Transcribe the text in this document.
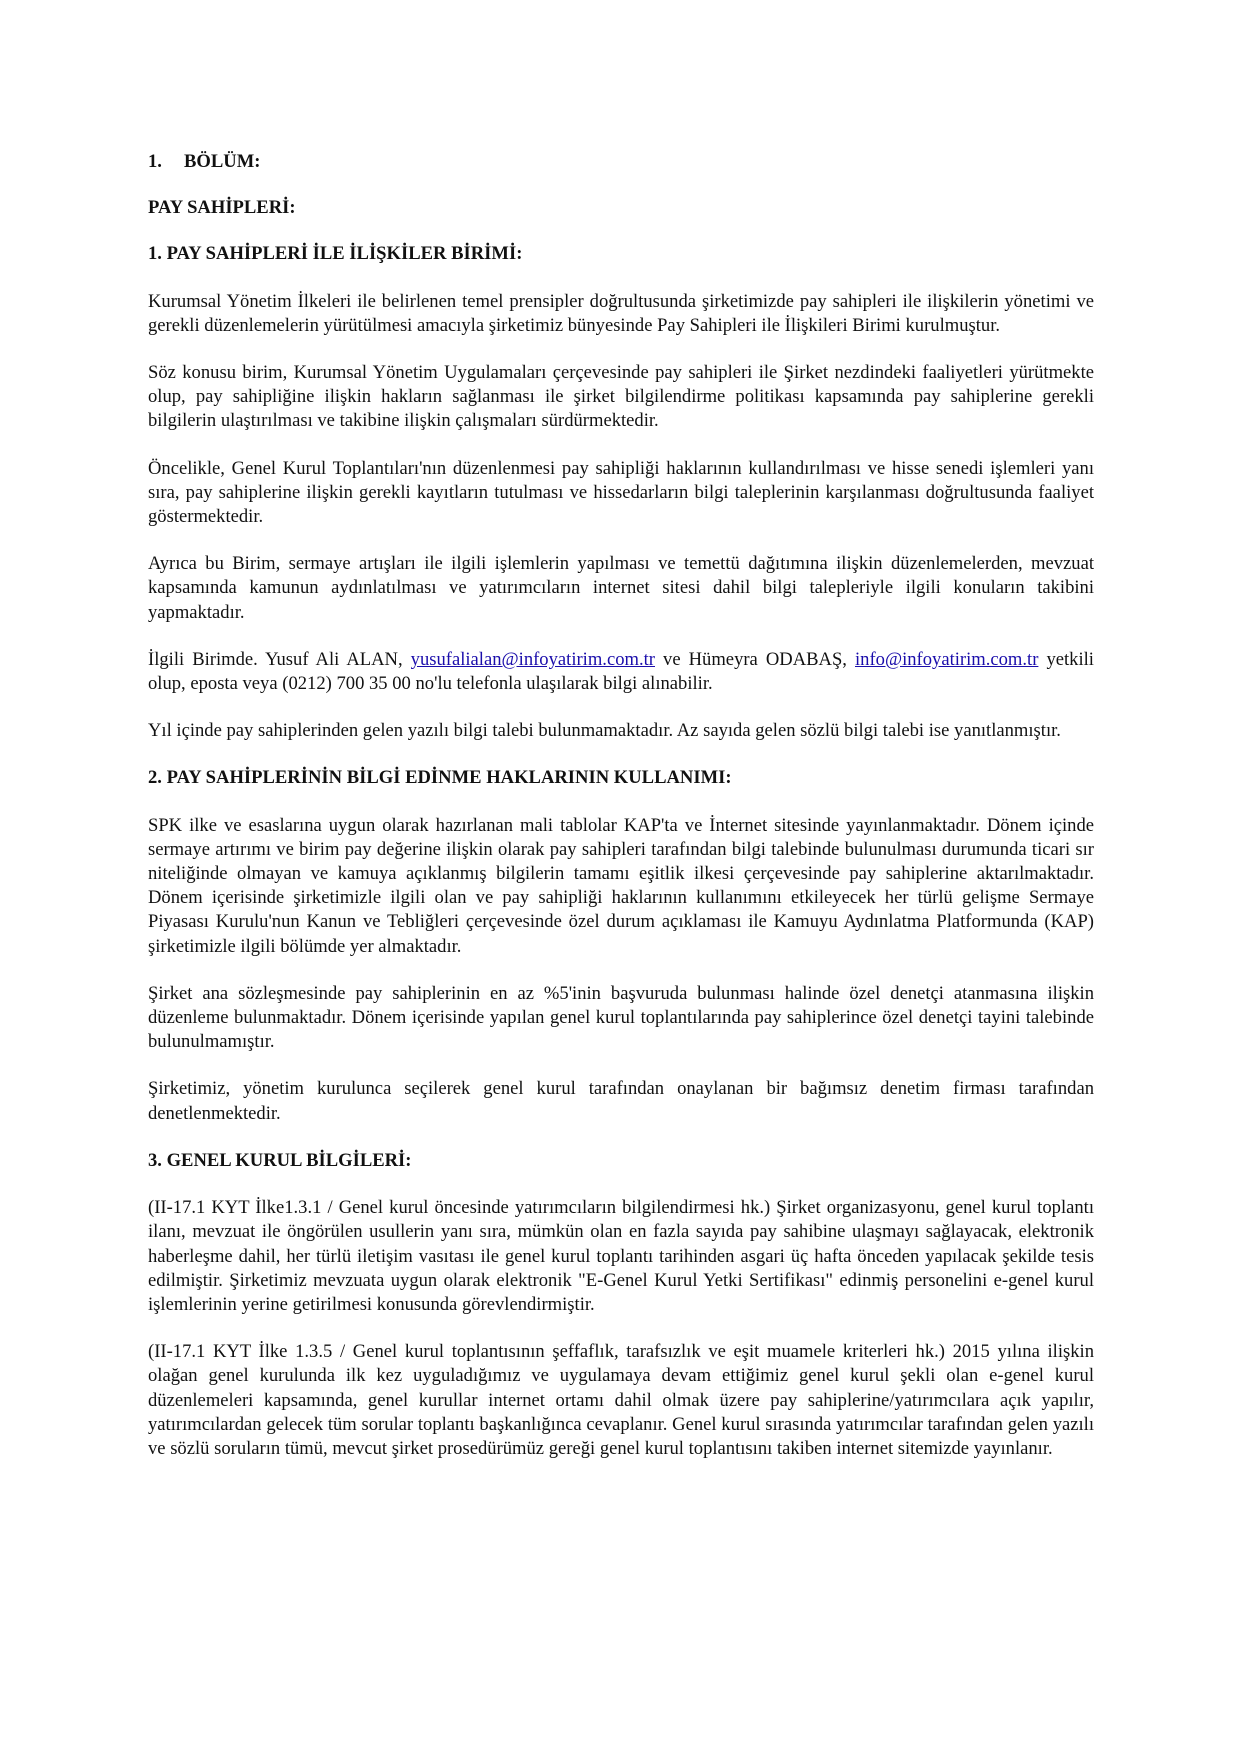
1. BÖLÜM:

PAY SAHİPLERİ:

1. PAY SAHİPLERİ İLE İLİŞKİLER BİRİMİ:

Kurumsal Yönetim İlkeleri ile belirlenen temel prensipler doğrultusunda şirketimizde pay sahipleri ile ilişkilerin yönetimi ve gerekli düzenlemelerin yürütülmesi amacıyla şirketimiz bünyesinde Pay Sahipleri ile İlişkileri Birimi kurulmuştur.

Söz konusu birim, Kurumsal Yönetim Uygulamaları çerçevesinde pay sahipleri ile Şirket nezdindeki faaliyetleri yürütmekte olup, pay sahipliğine ilişkin hakların sağlanması ile şirket bilgilendirme politikası kapsamında pay sahiplerine gerekli bilgilerin ulaştırılması ve takibine ilişkin çalışmaları sürdürmektedir.

Öncelikle, Genel Kurul Toplantıları'nın düzenlenmesi pay sahipliği haklarının kullandırılması ve hisse senedi işlemleri yanı sıra, pay sahiplerine ilişkin gerekli kayıtların tutulması ve hissedarların bilgi taleplerinin karşılanması doğrultusunda faaliyet göstermektedir.

Ayrıca bu Birim, sermaye artışları ile ilgili işlemlerin yapılması ve temettü dağıtımına ilişkin düzenlemelerden, mevzuat kapsamında kamunun aydınlatılması ve yatırımcıların internet sitesi dahil bilgi talepleriyle ilgili konuların takibini yapmaktadır.

İlgili Birimde. Yusuf Ali ALAN, yusufalialan@infoyatirim.com.tr ve Hümeyra ODABAŞ, info@infoyatirim.com.tr yetkili olup, eposta veya (0212) 700 35 00 no'lu telefonla ulaşılarak bilgi alınabilir.

Yıl içinde pay sahiplerinden gelen yazılı bilgi talebi bulunmamaktadır. Az sayıda gelen sözlü bilgi talebi ise yanıtlanmıştır.

2. PAY SAHİPLERİNİN BİLGİ EDİNME HAKLARININ KULLANIMI:

SPK ilke ve esaslarına uygun olarak hazırlanan mali tablolar KAP'ta ve İnternet sitesinde yayınlanmaktadır. Dönem içinde sermaye artırımı ve birim pay değerine ilişkin olarak pay sahipleri tarafından bilgi talebinde bulunulması durumunda ticari sır niteliğinde olmayan ve kamuya açıklanmış bilgilerin tamamı eşitlik ilkesi çerçevesinde pay sahiplerine aktarılmaktadır. Dönem içerisinde şirketimizle ilgili olan ve pay sahipliği haklarının kullanımını etkileyecek her türlü gelişme Sermaye Piyasası Kurulu'nun Kanun ve Tebliğleri çerçevesinde özel durum açıklaması ile Kamuyu Aydınlatma Platformunda (KAP) şirketimizle ilgili bölümde yer almaktadır.

Şirket ana sözleşmesinde pay sahiplerinin en az %5'inin başvuruda bulunması halinde özel denetçi atanmasına ilişkin düzenleme bulunmaktadır. Dönem içerisinde yapılan genel kurul toplantılarında pay sahiplerince özel denetçi tayini talebinde bulunulmamıştır.

Şirketimiz, yönetim kurulunca seçilerek genel kurul tarafından onaylanan bir bağımsız denetim firması tarafından denetlenmektedir.

3. GENEL KURUL BİLGİLERİ:

(II-17.1 KYT İlke1.3.1 / Genel kurul öncesinde yatırımcıların bilgilendirmesi hk.) Şirket organizasyonu, genel kurul toplantı ilanı, mevzuat ile öngörülen usullerin yanı sıra, mümkün olan en fazla sayıda pay sahibine ulaşmayı sağlayacak, elektronik haberleşme dahil, her türlü iletişim vasıtası ile genel kurul toplantı tarihinden asgari üç hafta önceden yapılacak şekilde tesis edilmiştir. Şirketimiz mevzuata uygun olarak elektronik "E-Genel Kurul Yetki Sertifikası" edinmiş personelini e-genel kurul işlemlerinin yerine getirilmesi konusunda görevlendirmiştir.

(II-17.1 KYT İlke 1.3.5 / Genel kurul toplantısının şeffaflık, tarafsızlık ve eşit muamele kriterleri hk.) 2015 yılına ilişkin olağan genel kurulunda ilk kez uyguladığımız ve uygulamaya devam ettiğimiz genel kurul şekli olan e-genel kurul düzenlemeleri kapsamında, genel kurullar internet ortamı dahil olmak üzere pay sahiplerine/yatırımcılara açık yapılır, yatırımcılardan gelecek tüm sorular toplantı başkanlığınca cevaplanır. Genel kurul sırasında yatırımcılar tarafından gelen yazılı ve sözlü soruların tümü, mevcut şirket prosedürümüz gereği genel kurul toplantısını takiben internet sitemizde yayınlanır.
